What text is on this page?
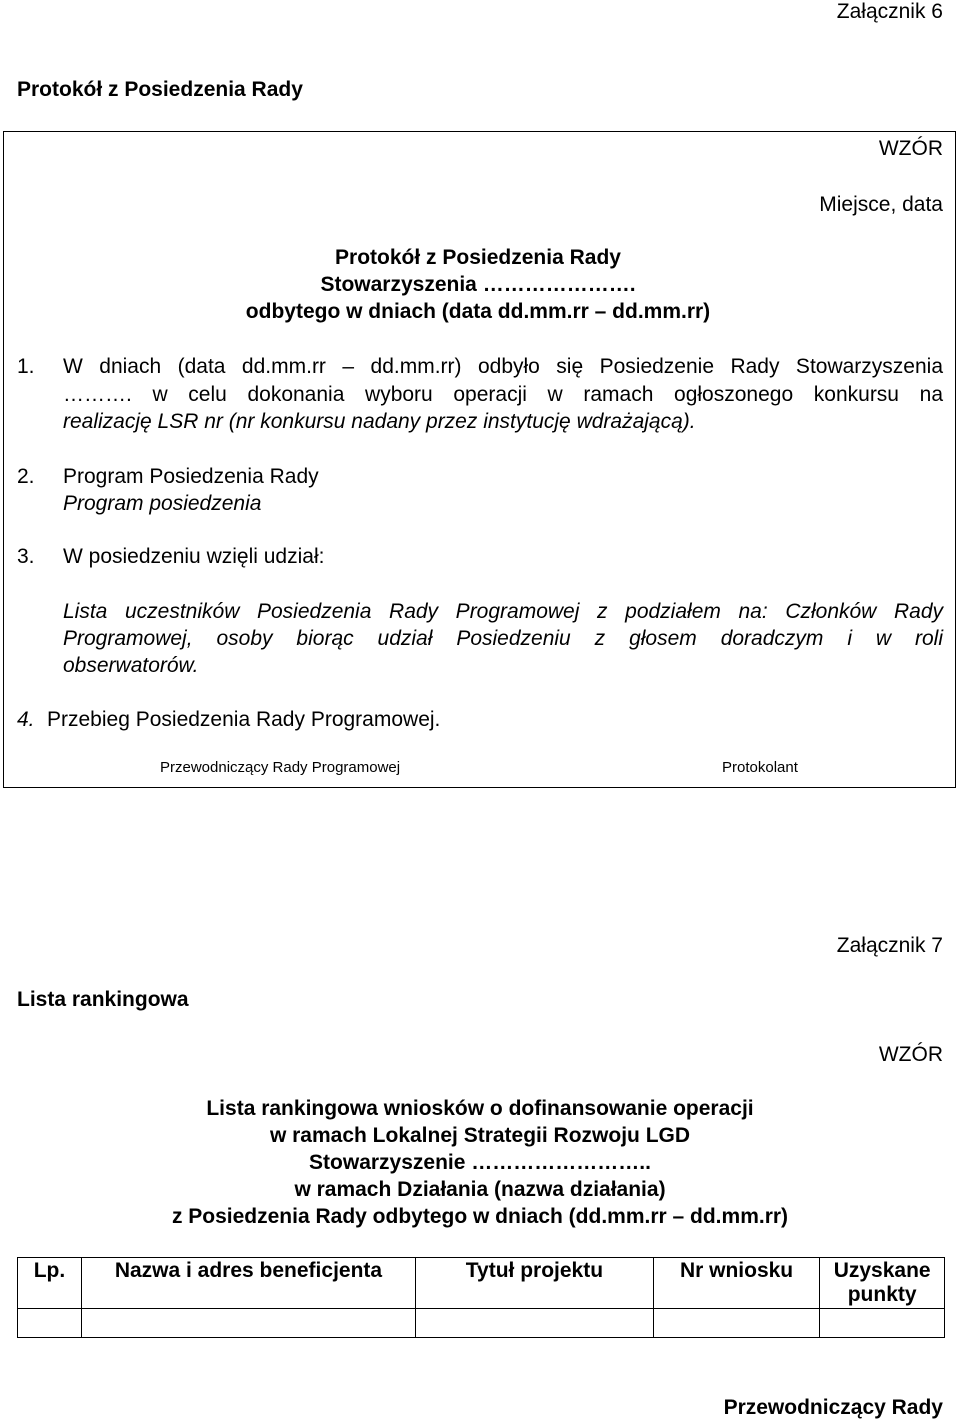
Załącznik 6
Protokół z Posiedzenia Rady
WZÓR
Miejsce, data
Protokół z Posiedzenia Rady
Stowarzyszenia ………………….
odbytego w dniach (data dd.mm.rr – dd.mm.rr)
1. W dniach (data dd.mm.rr – dd.mm.rr) odbyło się Posiedzenie Rady Stowarzyszenia
………. w celu dokonania wyboru operacji w ramach ogłoszonego konkursu na
realizację LSR nr (nr konkursu nadany przez instytucję wdrażającą).
2. Program Posiedzenia Rady
Program posiedzenia
3. W posiedzeniu wzięli udział:
Lista uczestników Posiedzenia Rady Programowej z podziałem na: Członków Rady
Programowej, osoby biorąc udział Posiedzeniu z głosem doradczym i w roli
obserwatorów.
4. Przebieg Posiedzenia Rady Programowej.
Przewodniczący Rady Programowej	Protokolant
Załącznik 7
Lista rankingowa
WZÓR
Lista rankingowa wniosków o dofinansowanie operacji
w ramach Lokalnej Strategii Rozwoju LGD
Stowarzyszenie ……………………..
w ramach Działania (nazwa działania)
z Posiedzenia Rady odbytego w dniach (dd.mm.rr – dd.mm.rr)
Lp.	Nazwa i adres beneficjenta	Tytuł projektu	Nr wniosku	Uzyskane punkty

Przewodniczący Rady
